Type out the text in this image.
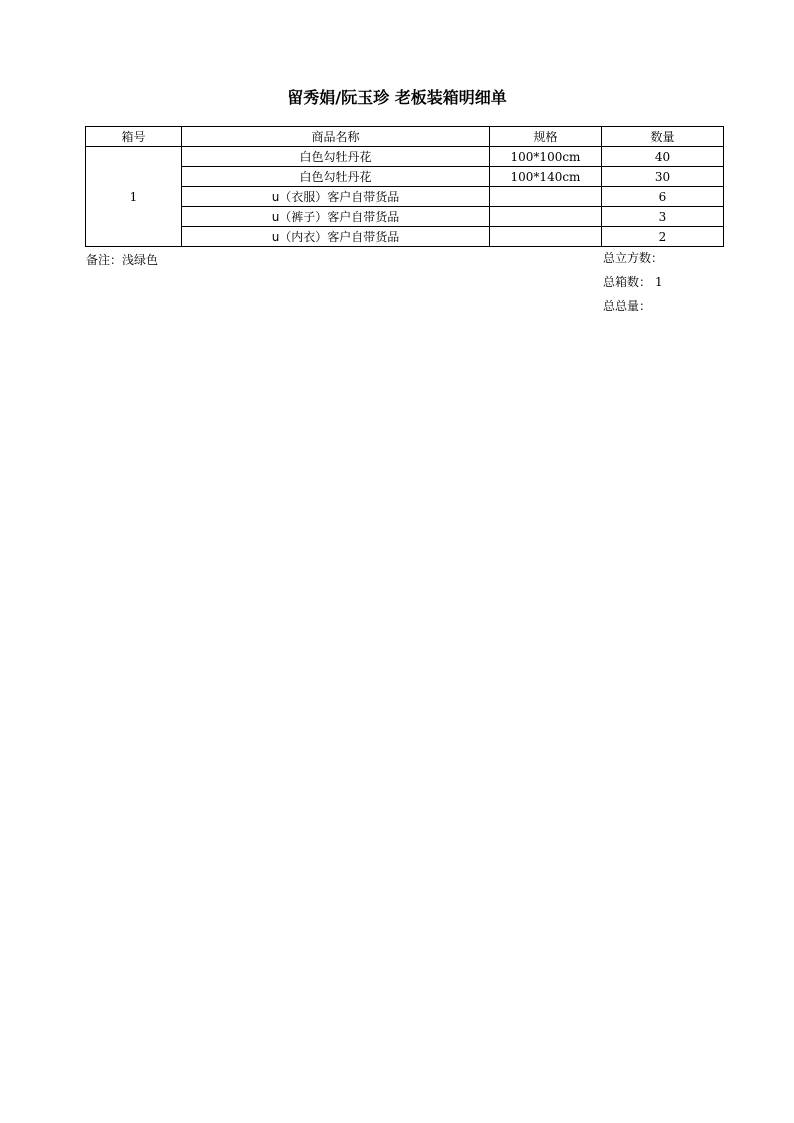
留秀娟/阮玉珍 老板装箱明细单
箱号	商品名称	规格	数量
1	白色勾牡丹花	100*100cm	40
	白色勾牡丹花	100*140cm	30
	u（衣服）客户自带货品		6
	u（裤子）客户自带货品		3
	u（内衣）客户自带货品		2
备注：浅绿色	总立方数：
总箱数： 1
总总量：
